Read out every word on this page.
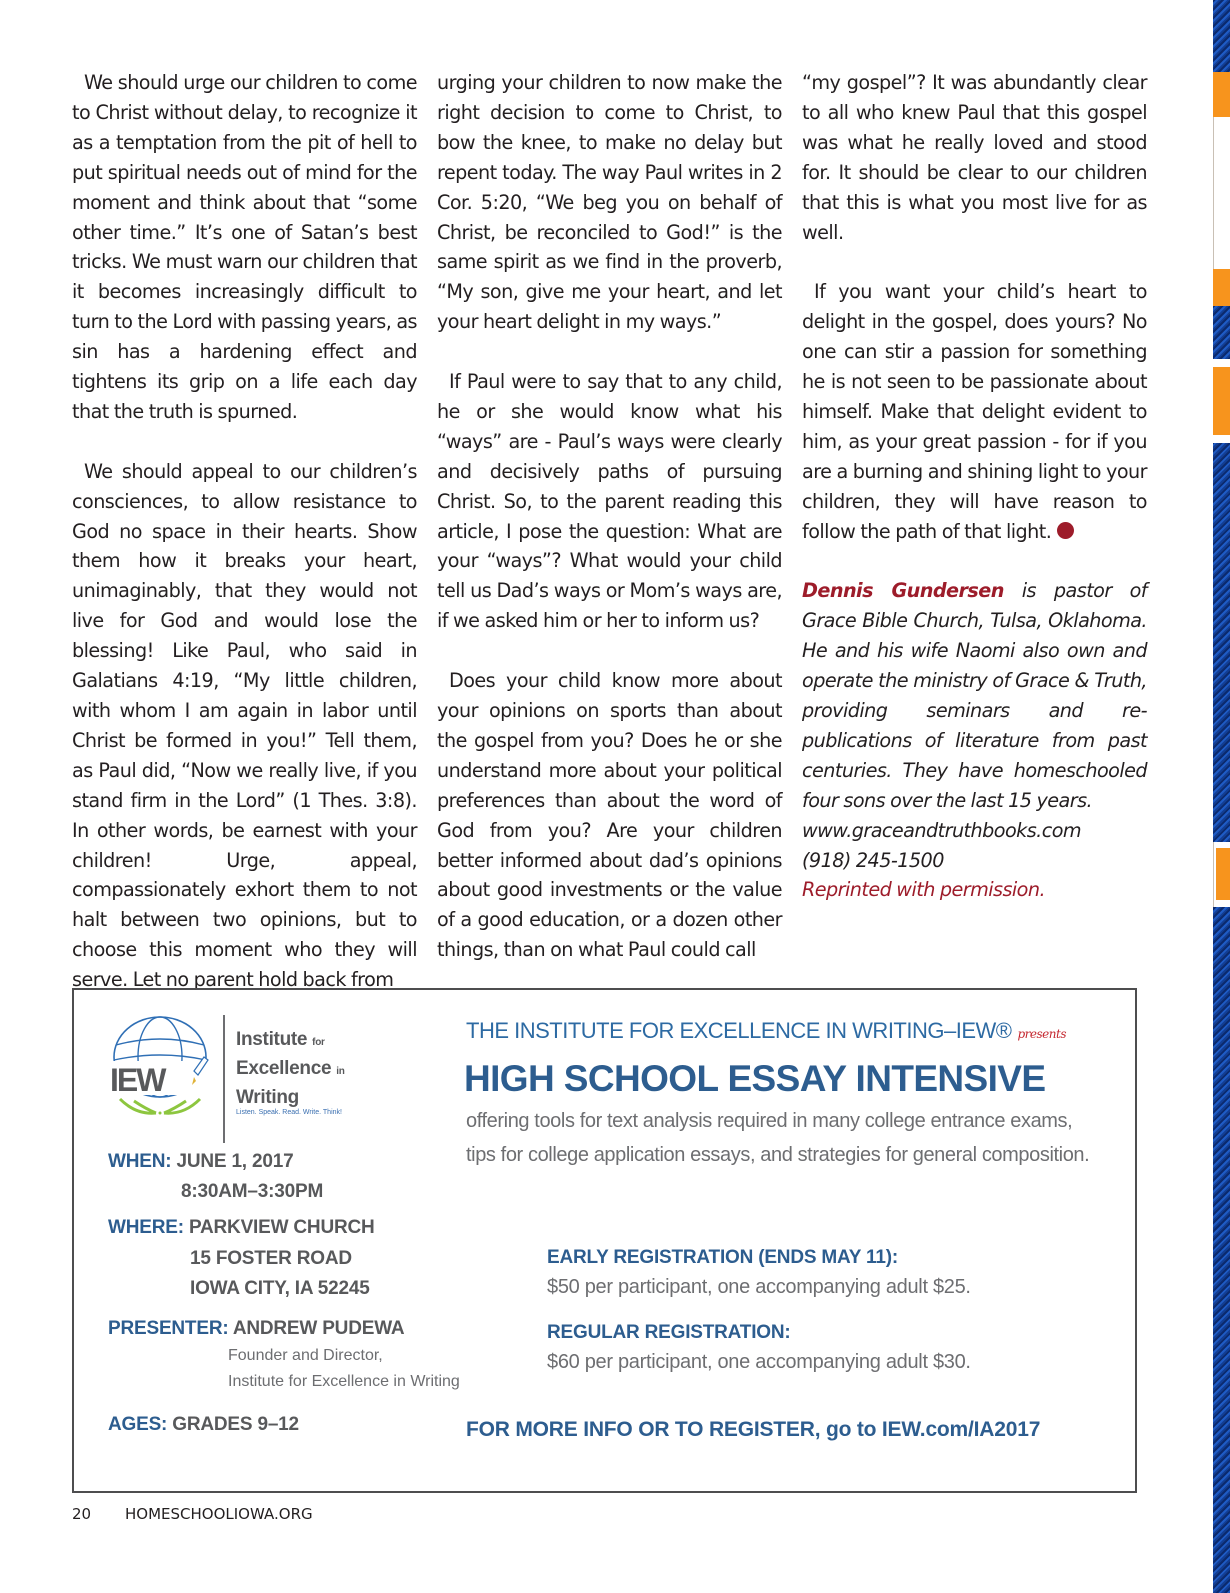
We should urge our children to come to Christ without delay, to recognize it as a temptation from the pit of hell to put spiritual needs out of mind for the moment and think about that “some other time.” It’s one of Satan’s best tricks. We must warn our children that it becomes increasingly difficult to turn to the Lord with passing years, as sin has a hardening effect and tightens its grip on a life each day that the truth is spurned.

We should appeal to our children’s consciences, to allow resistance to God no space in their hearts. Show them how it breaks your heart, unimaginably, that they would not live for God and would lose the blessing! Like Paul, who said in Galatians 4:19, “My little children, with whom I am again in labor until Christ be formed in you!” Tell them, as Paul did, “Now we really live, if you stand firm in the Lord” (1 Thes. 3:8). In other words, be earnest with your children! Urge, appeal, compassionately exhort them to not halt between two opinions, but to choose this moment who they will serve. Let no parent hold back from

urging your children to now make the right decision to come to Christ, to bow the knee, to make no delay but repent today. The way Paul writes in 2 Cor. 5:20, “We beg you on behalf of Christ, be reconciled to God!” is the same spirit as we find in the proverb, “My son, give me your heart, and let your heart delight in my ways.”

If Paul were to say that to any child, he or she would know what his “ways” are - Paul’s ways were clearly and decisively paths of pursuing Christ. So, to the parent reading this article, I pose the question: What are your “ways”? What would your child tell us Dad’s ways or Mom’s ways are, if we asked him or her to inform us?

Does your child know more about your opinions on sports than about the gospel from you? Does he or she understand more about your political preferences than about the word of God from you? Are your children better informed about dad’s opinions about good investments or the value of a good education, or a dozen other things, than on what Paul could call

“my gospel”? It was abundantly clear to all who knew Paul that this gospel was what he really loved and stood for. It should be clear to our children that this is what you most live for as well.

If you want your child’s heart to delight in the gospel, does yours? No one can stir a passion for something he is not seen to be passionate about himself. Make that delight evident to him, as your great passion - for if you are a burning and shining light to your children, they will have reason to follow the path of that light.

Dennis Gundersen is pastor of Grace Bible Church, Tulsa, Oklahoma. He and his wife Naomi also own and operate the ministry of Grace & Truth, providing seminars and re-publications of literature from past centuries. They have homeschooled four sons over the last 15 years.
www.graceandtruthbooks.com
(918) 245-1500
Reprinted with permission.

IEW
Institute for
Excellence in
Writing
Listen. Speak. Read. Write. Think!
THE INSTITUTE FOR EXCELLENCE IN WRITING–IEW® presents
HIGH SCHOOL ESSAY INTENSIVE
offering tools for text analysis required in many college entrance exams, tips for college application essays, and strategies for general composition.
WHEN: JUNE 1, 2017
8:30AM–3:30PM
WHERE: PARKVIEW CHURCH
15 FOSTER ROAD
IOWA CITY, IA 52245
PRESENTER: ANDREW PUDEWA
Founder and Director,
Institute for Excellence in Writing
AGES: GRADES 9–12
EARLY REGISTRATION (ENDS MAY 11):
$50 per participant, one accompanying adult $25.
REGULAR REGISTRATION:
$60 per participant, one accompanying adult $30.
FOR MORE INFO OR TO REGISTER, go to IEW.com/IA2017
20 HOMESCHOOLIOWA.ORG
